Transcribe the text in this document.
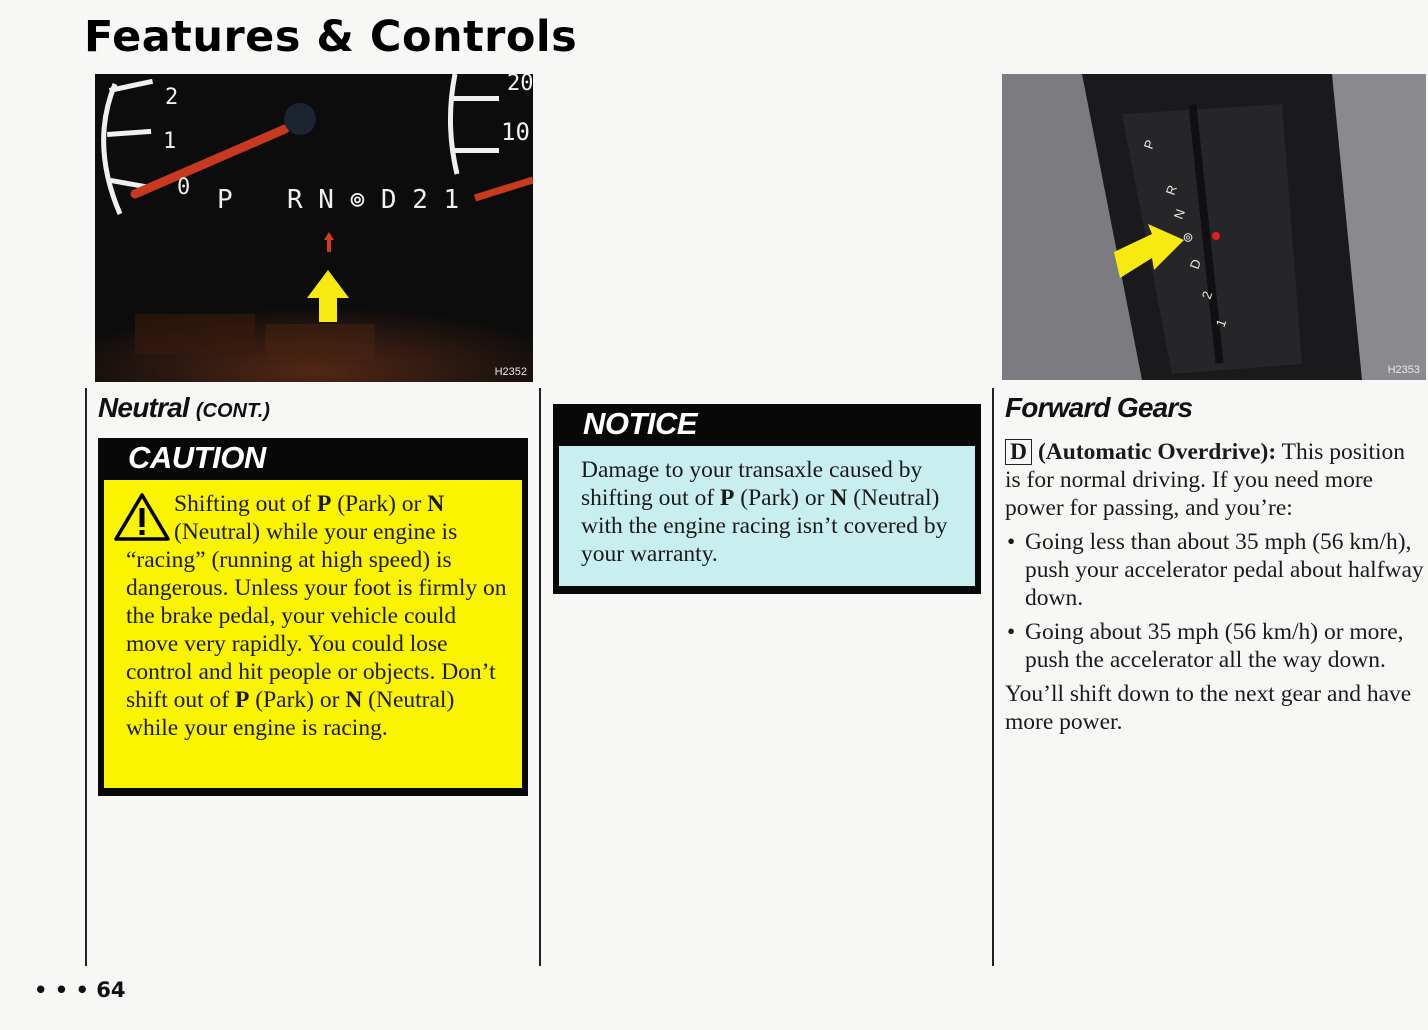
Features & Controls
2
1
0
20
10
P R N ⊚ D 2 1
H2352
P
R
N
⊚
D
2
1
H2353
Neutral (CONT.)
CAUTION
Shifting out of P (Park) or N (Neutral) while your engine is “racing” (running at high speed) is dangerous. Unless your foot is firmly on the brake pedal, your vehicle could move very rapidly. You could lose control and hit people or objects. Don’t shift out of P (Park) or N (Neutral) while your engine is racing.
NOTICE
Damage to your transaxle caused by shifting out of P (Park) or N (Neutral) with the engine racing isn’t covered by your warranty.
Forward Gears

D (Automatic Overdrive): This position is for normal driving. If you need more power for passing, and you’re:

• Going less than about 35 mph (56 km/h), push your accelerator pedal about halfway down.
• Going about 35 mph (56 km/h) or more, push the accelerator all the way down.

You’ll shift down to the next gear and have more power.

• • • 64
